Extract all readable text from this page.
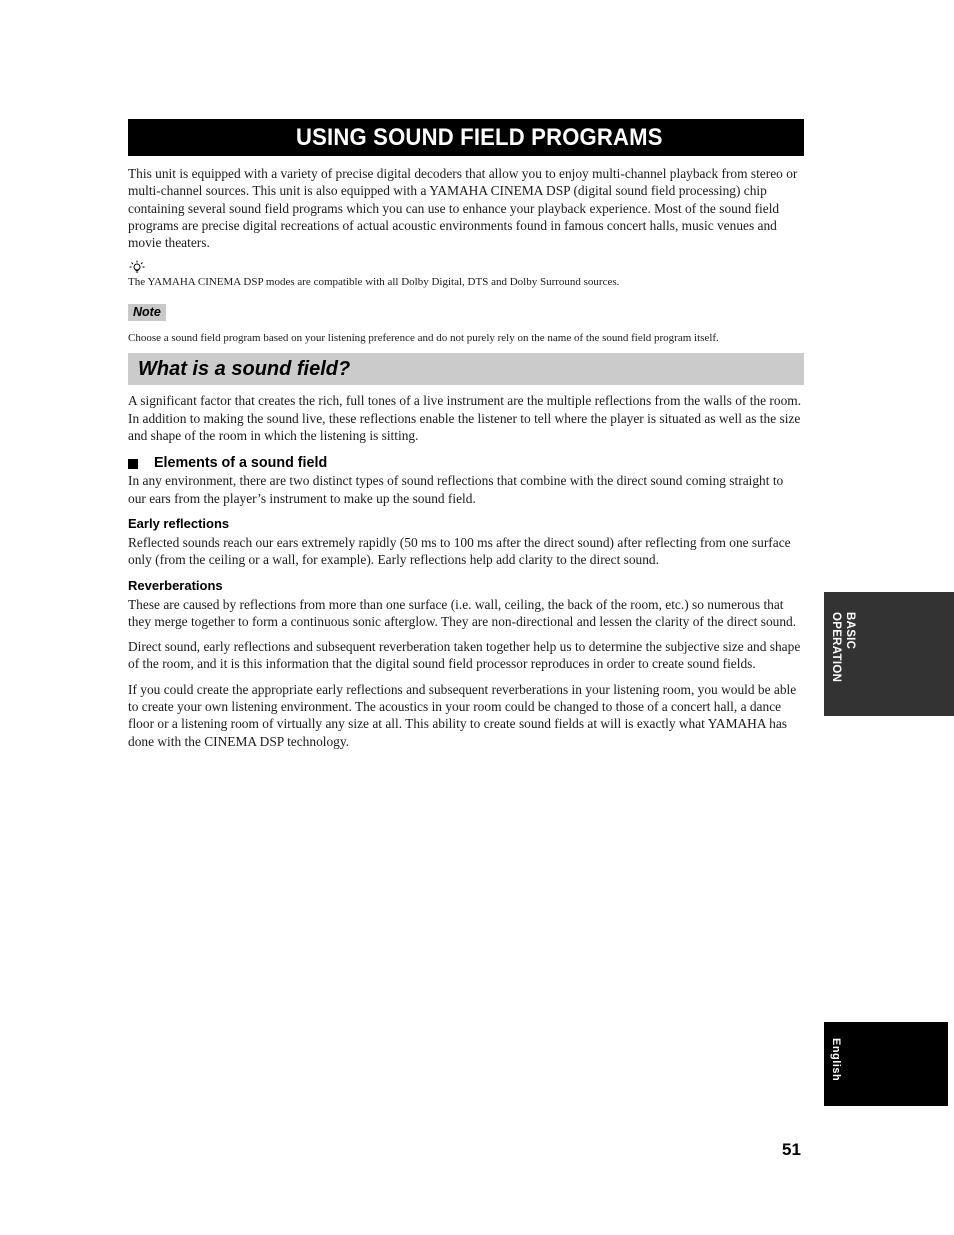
USING SOUND FIELD PROGRAMS

This unit is equipped with a variety of precise digital decoders that allow you to enjoy multi-channel playback from stereo or multi-channel sources. This unit is also equipped with a YAMAHA CINEMA DSP (digital sound field processing) chip containing several sound field programs which you can use to enhance your playback experience. Most of the sound field programs are precise digital recreations of actual acoustic environments found in famous concert halls, music venues and movie theaters.

The YAMAHA CINEMA DSP modes are compatible with all Dolby Digital, DTS and Dolby Surround sources.

Note

Choose a sound field program based on your listening preference and do not purely rely on the name of the sound field program itself.

What is a sound field?

A significant factor that creates the rich, full tones of a live instrument are the multiple reflections from the walls of the room. In addition to making the sound live, these reflections enable the listener to tell where the player is situated as well as the size and shape of the room in which the listening is sitting.

Elements of a sound field

In any environment, there are two distinct types of sound reflections that combine with the direct sound coming straight to our ears from the player’s instrument to make up the sound field.

Early reflections

Reflected sounds reach our ears extremely rapidly (50 ms to 100 ms after the direct sound) after reflecting from one surface only (from the ceiling or a wall, for example). Early reflections help add clarity to the direct sound.

Reverberations

These are caused by reflections from more than one surface (i.e. wall, ceiling, the back of the room, etc.) so numerous that they merge together to form a continuous sonic afterglow. They are non-directional and lessen the clarity of the direct sound.

Direct sound, early reflections and subsequent reverberation taken together help us to determine the subjective size and shape of the room, and it is this information that the digital sound field processor reproduces in order to create sound fields.

If you could create the appropriate early reflections and subsequent reverberations in your listening room, you would be able to create your own listening environment. The acoustics in your room could be changed to those of a concert hall, a dance floor or a listening room of virtually any size at all. This ability to create sound fields at will is exactly what YAMAHA has done with the CINEMA DSP technology.

BASIC
OPERATION
English
51
